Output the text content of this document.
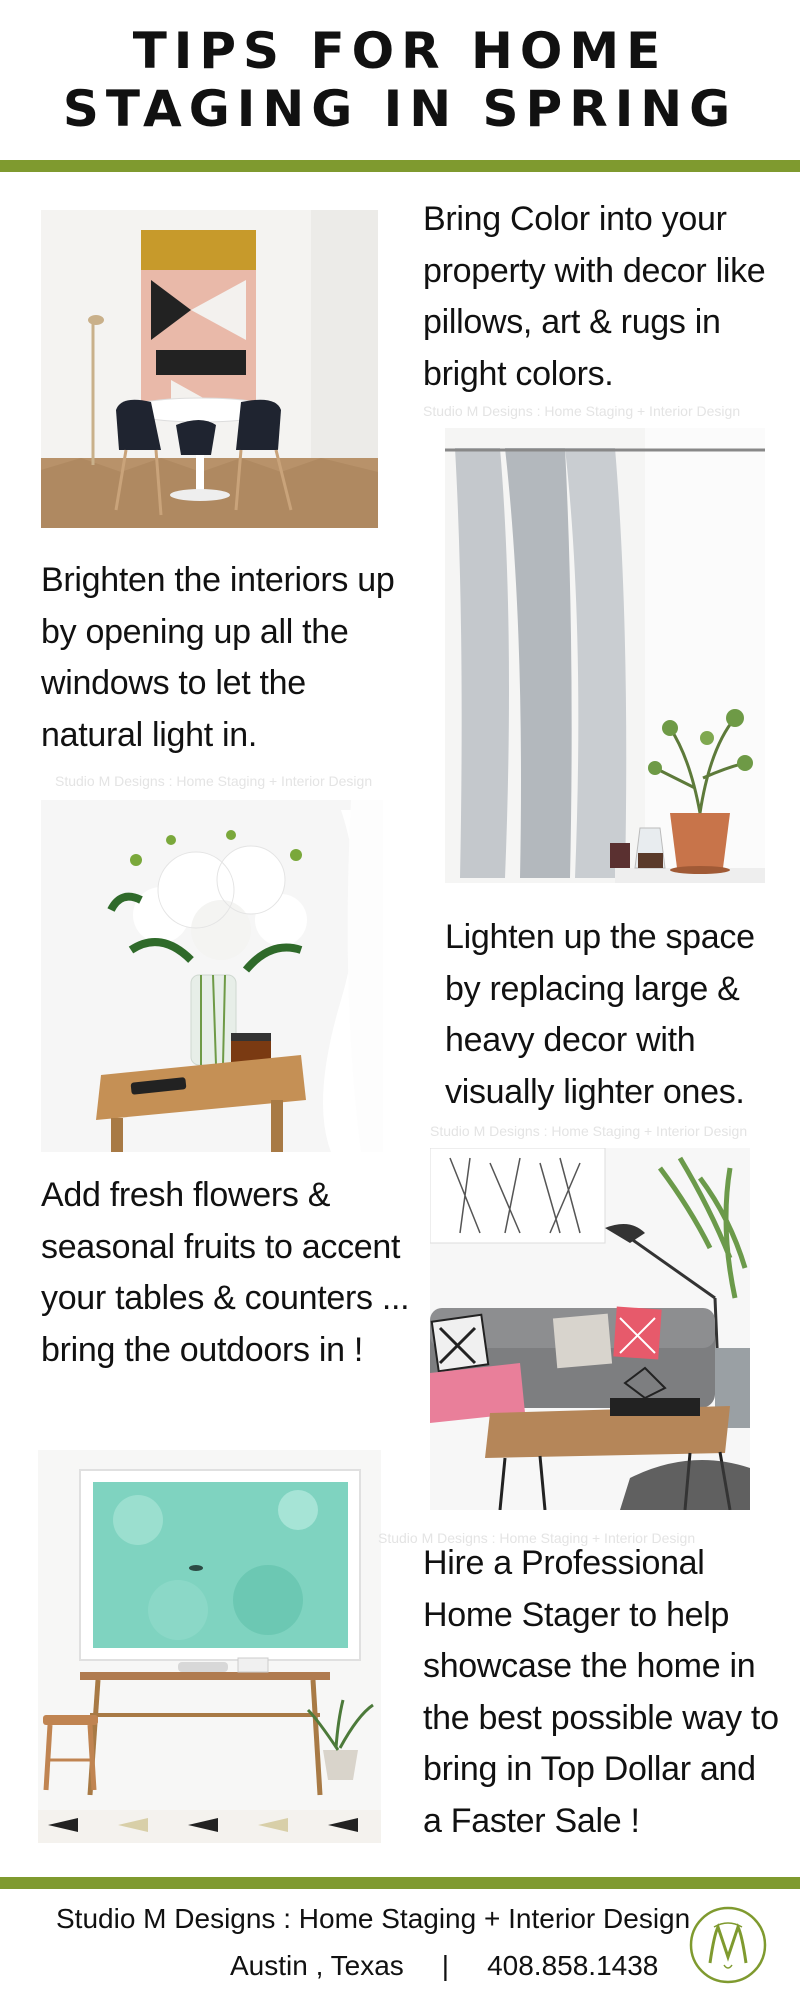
TIPS FOR HOME
STAGING IN SPRING
Bring Color into your property with decor like pillows, art & rugs in bright colors.
Studio M Designs : Home Staging + Interior Design
Brighten the interiors up by opening up all the windows to let the natural light in.
Studio M Designs : Home Staging + Interior Design
Lighten up the space by replacing large & heavy decor with visually lighter ones.
Studio M Designs : Home Staging + Interior Design
Add fresh flowers & seasonal fruits to accent your tables & counters ... bring the outdoors in !
Studio M Designs : Home Staging + Interior Design
Hire a Professional Home Stager to help showcase the home in the best possible way to bring in Top Dollar and a Faster Sale !
Studio M Designs : Home Staging + Interior Design
Austin , Texas | 408.858.1438
